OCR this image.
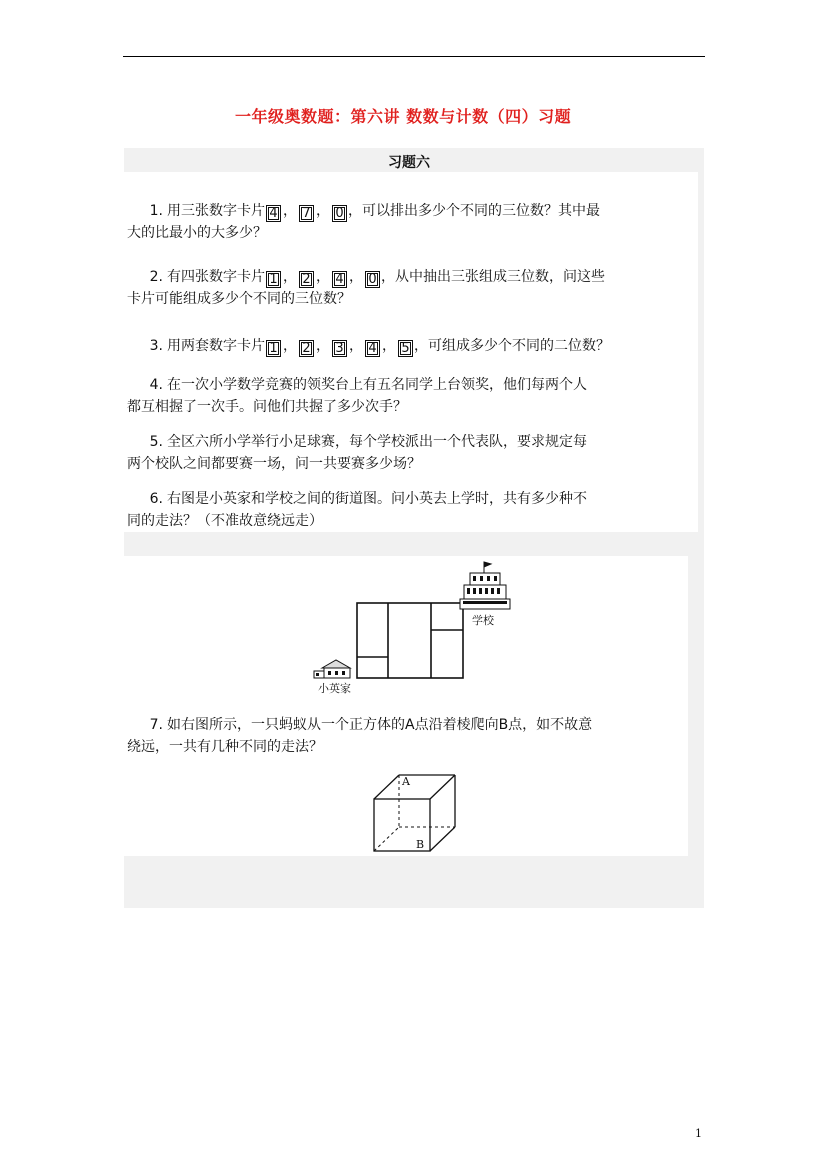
一年级奥数题：第六讲 数数与计数（四）习题
习题六
1. 用三张数字卡片 4 ， 7 ， 0 ，可以排出多少个不同的三位数？其中最
大的比最小的大多少？
2. 有四张数字卡片 1 ， 2 ， 4 ， 0 ，从中抽出三张组成三位数，问这些
卡片可能组成多少个不同的三位数？
3. 用两套数字卡片 1 ， 2 ， 3 ， 4 ， 5 ，可组成多少个不同的二位数？
4. 在一次小学数学竞赛的领奖台上有五名同学上台领奖，他们每两个人
都互相握了一次手。问他们共握了多少次手？
5. 全区六所小学举行小足球赛，每个学校派出一个代表队，要求规定每
两个校队之间都要赛一场，问一共要赛多少场？
6. 右图是小英家和学校之间的街道图。问小英去上学时，共有多少种不
同的走法？（不准故意绕远走）
学校
小英家
7. 如右图所示，一只蚂蚁从一个正方体的A点沿着棱爬向B点，如不故意
绕远，一共有几种不同的走法？
A
B
1
